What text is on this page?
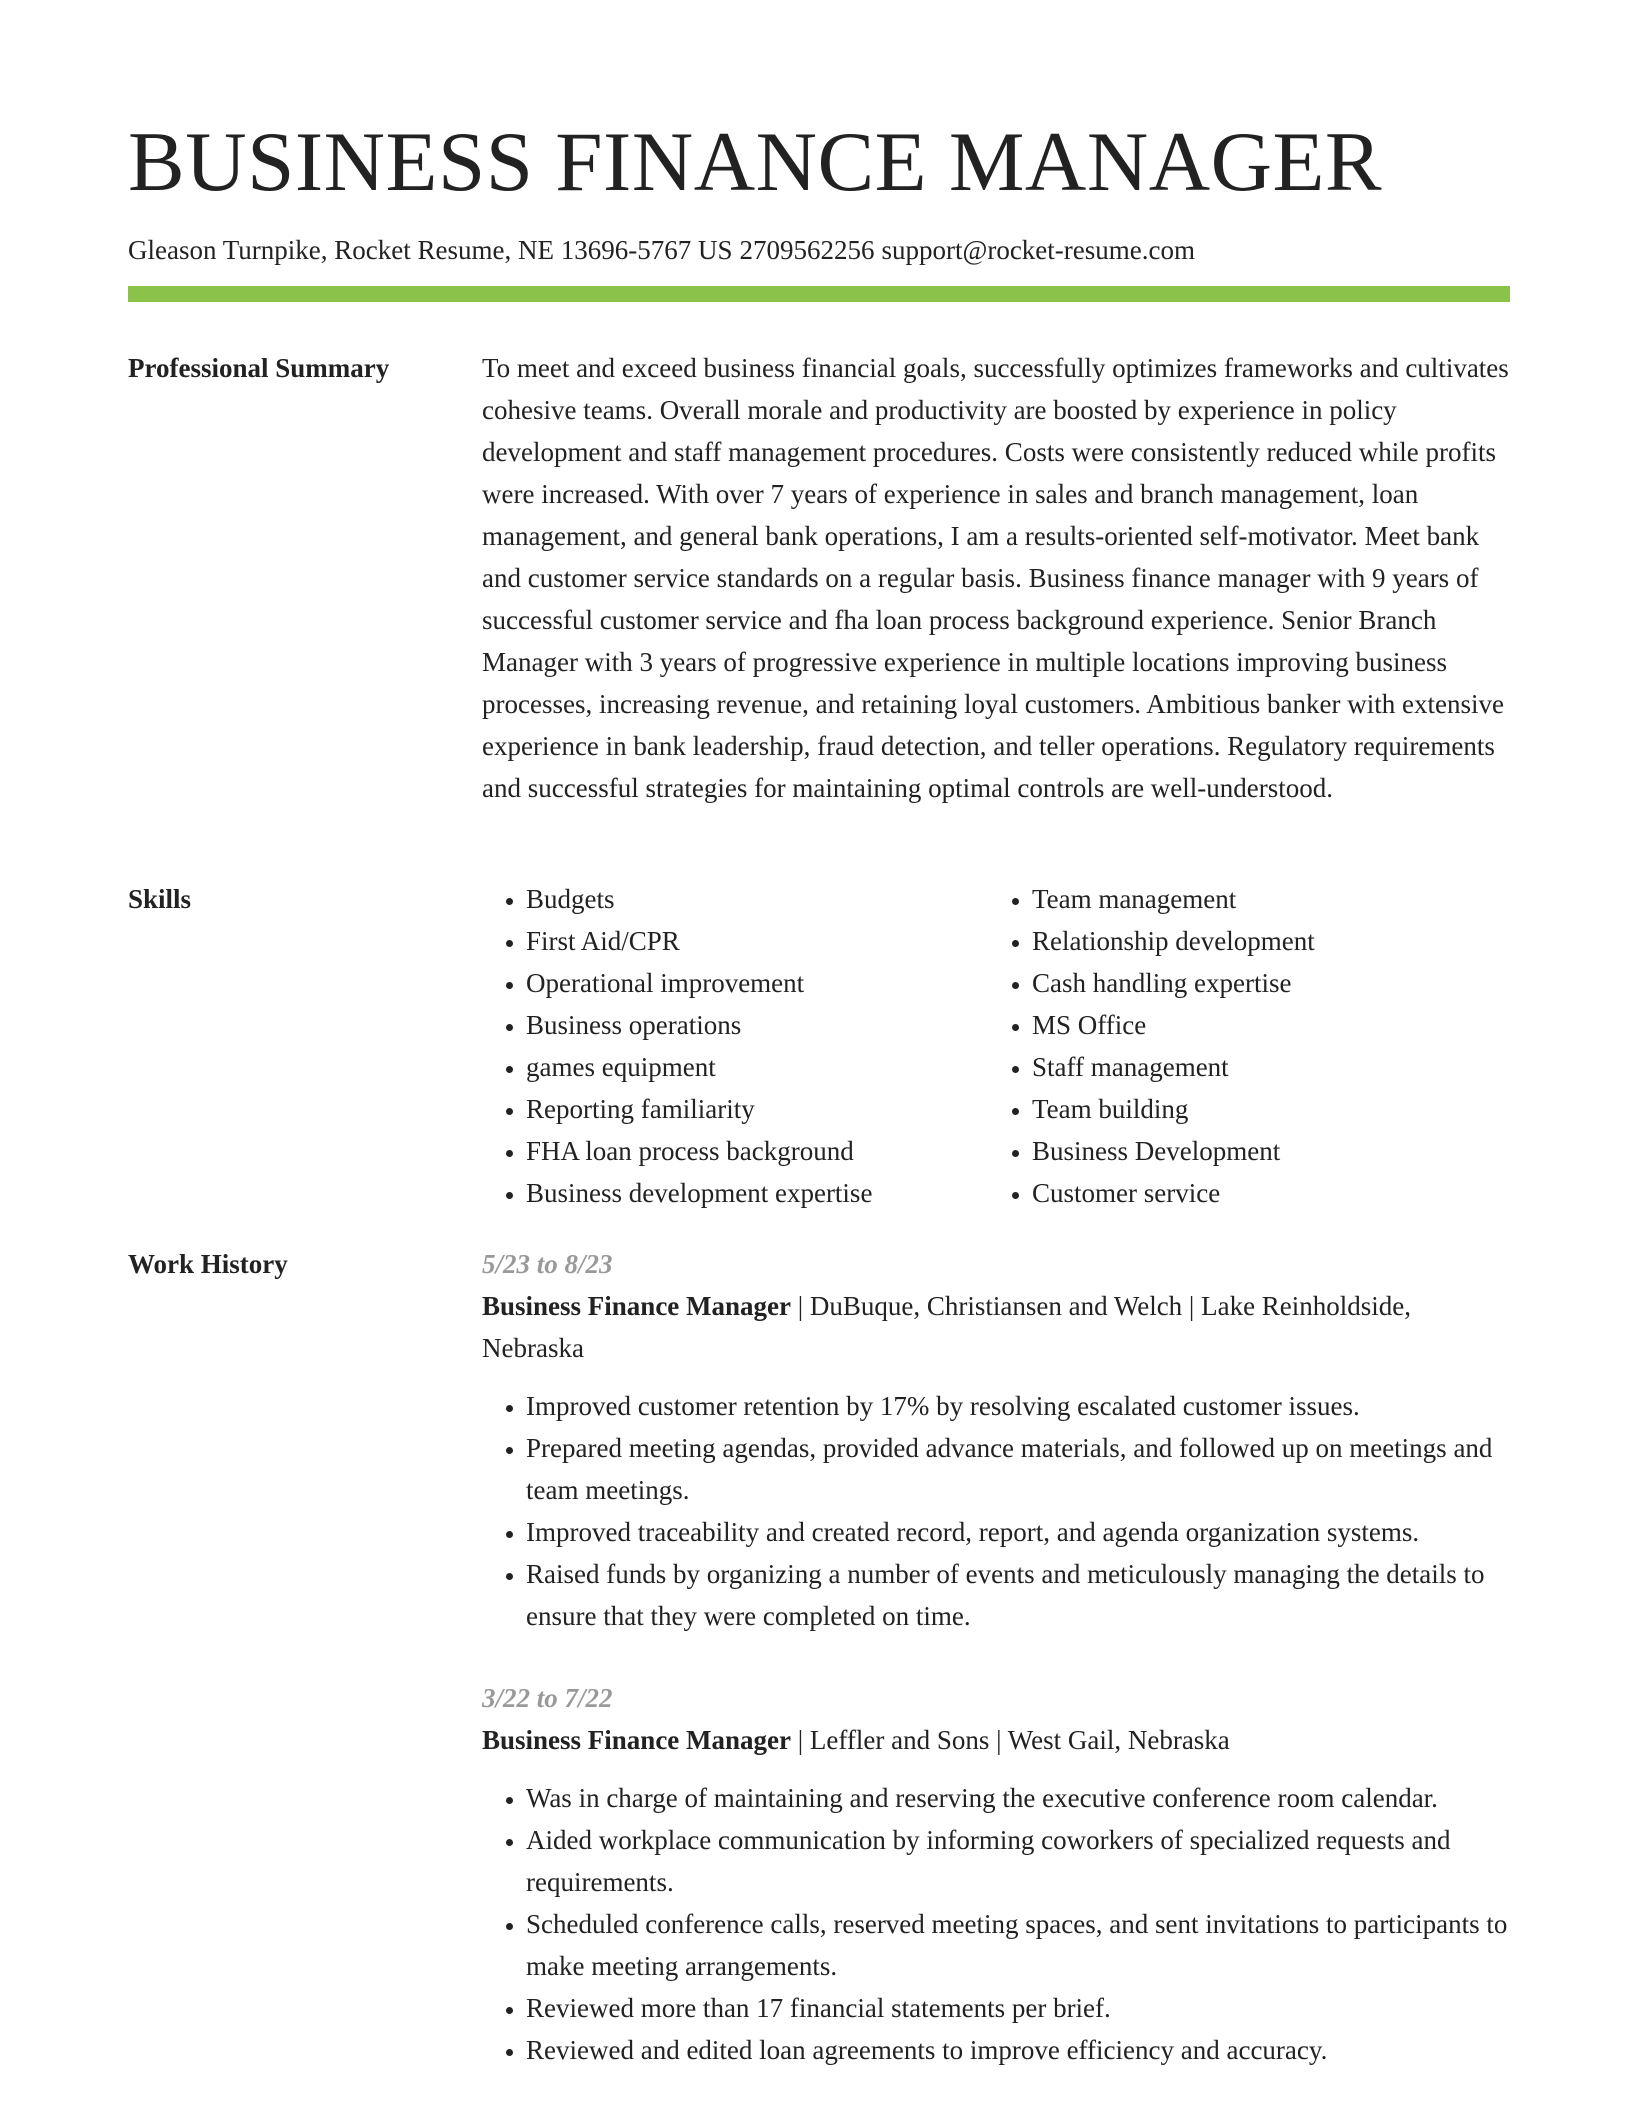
BUSINESS FINANCE MANAGER
Gleason Turnpike, Rocket Resume, NE 13696-5767 US 2709562256 support@rocket-resume.com
Professional Summary	To meet and exceed business financial goals, successfully optimizes frameworks and cultivates cohesive teams. Overall morale and productivity are boosted by experience in policy development and staff management procedures. Costs were consistently reduced while profits were increased. With over 7 years of experience in sales and branch management, loan management, and general bank operations, I am a results-oriented self-motivator. Meet bank and customer service standards on a regular basis. Business finance manager with 9 years of successful customer service and fha loan process background experience. Senior Branch Manager with 3 years of progressive experience in multiple locations improving business processes, increasing revenue, and retaining loyal customers. Ambitious banker with extensive experience in bank leadership, fraud detection, and teller operations. Regulatory requirements and successful strategies for maintaining optimal controls are well-understood.

Skills
•	Budgets
• First Aid/CPR
• Operational improvement
• Business operations
• games equipment
• Reporting familiarity
• FHA loan process background
• Business development expertise
• Team management
• Relationship development
• Cash handling expertise
• MS Office
• Staff management
• Team building
• Business Development
• Customer service
Work History	5/23 to 8/23
Business Finance Manager | DuBuque, Christiansen and Welch | Lake Reinholdside, Nebraska
• Improved customer retention by 17% by resolving escalated customer issues.
• Prepared meeting agendas, provided advance materials, and followed up on meetings and team meetings.
• Improved traceability and created record, report, and agenda organization systems.
• Raised funds by organizing a number of events and meticulously managing the details to ensure that they were completed on time.
3/22 to 7/22
Business Finance Manager | Leffler and Sons | West Gail, Nebraska
• Was in charge of maintaining and reserving the executive conference room calendar.
• Aided workplace communication by informing coworkers of specialized requests and requirements.
• Scheduled conference calls, reserved meeting spaces, and sent invitations to participants to make meeting arrangements.
• Reviewed more than 17 financial statements per brief.
• Reviewed and edited loan agreements to improve efficiency and accuracy.
